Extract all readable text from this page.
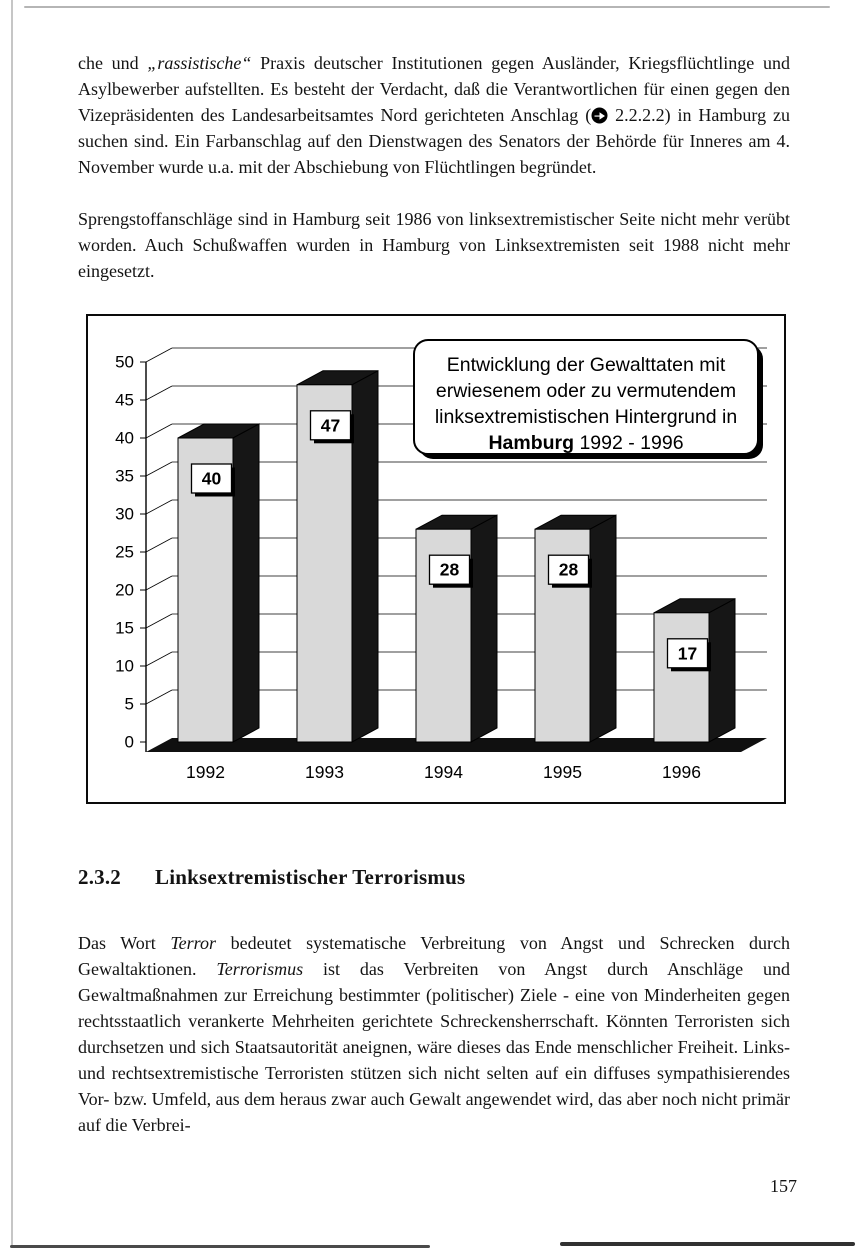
che und „rassistische“ Praxis deutscher Institutionen gegen Ausländer, Kriegsflüchtlinge und Asylbewerber aufstellten. Es besteht der Verdacht, daß die Verantwortlichen für einen gegen den Vizepräsidenten des Landesarbeitsamtes Nord gerichteten Anschlag ( 2.2.2.2) in Hamburg zu suchen sind. Ein Farbanschlag auf den Dienstwagen des Senators der Behörde für Inneres am 4. November wurde u.a. mit der Abschiebung von Flüchtlingen begründet.

Sprengstoffanschläge sind in Hamburg seit 1986 von linksextremistischer Seite nicht mehr verübt worden. Auch Schußwaffen wurden in Hamburg von Linksextremisten seit 1988 nicht mehr eingesetzt.

0
5
10
15
20
25
30
35
40
45
50
40
1992
47
1993
28
1994
28
1995
17
1996
Entwicklung der Gewalttaten mit
erwiesenem oder zu vermutendem
linksextremistischen Hintergrund in
Hamburg 1992 - 1996
2.3.2 Linksextremistischer Terrorismus

Das Wort Terror bedeutet systematische Verbreitung von Angst und Schrecken durch Gewaltaktionen. Terrorismus ist das Verbreiten von Angst durch Anschläge und Gewaltmaßnahmen zur Erreichung bestimmter (politischer) Ziele - eine von Minderheiten gegen rechtsstaatlich verankerte Mehrheiten gerichtete Schreckensherrschaft. Könnten Terroristen sich durchsetzen und sich Staatsautorität aneignen, wäre dieses das Ende menschlicher Freiheit. Links- und rechtsextremistische Terroristen stützen sich nicht selten auf ein diffuses sympathisierendes Vor- bzw. Umfeld, aus dem heraus zwar auch Gewalt angewendet wird, das aber noch nicht primär auf die Verbrei-

157
